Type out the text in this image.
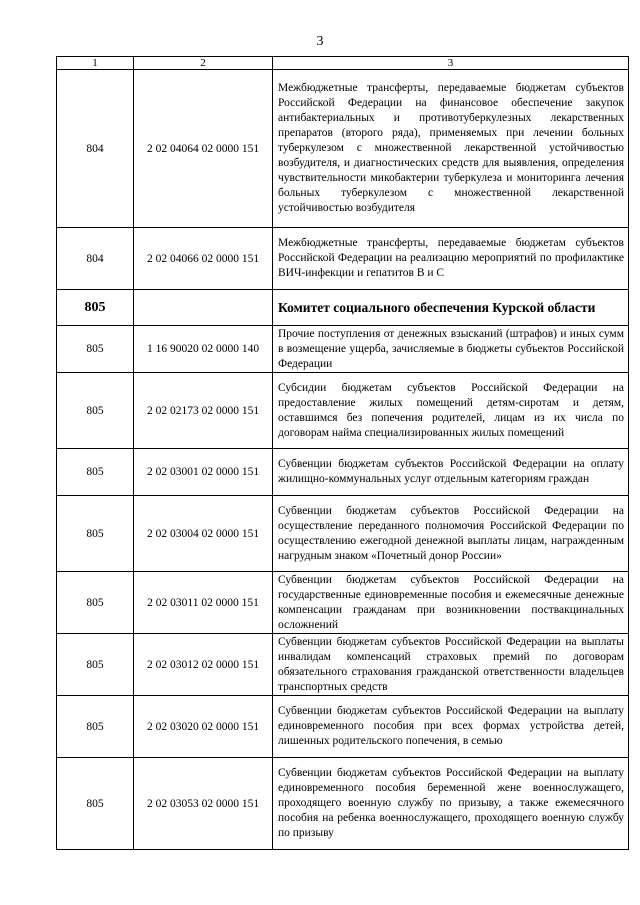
3
1	2	3
804	2 02 04064 02 0000 151	Межбюджетные трансферты, передаваемые бюджетам субъектов Российской Федерации на финансовое обеспечение закупок антибактериальных и противотуберкулезных лекарственных препаратов (второго ряда), применяемых при лечении больных туберкулезом с множественной лекарственной устойчивостью возбудителя, и диагностических средств для выявления, определения чувствительности микобактерии туберкулеза и мониторинга лечения больных туберкулезом с множественной лекарственной устойчивостью возбудителя

804	2 02 04066 02 0000 151	Межбюджетные трансферты, передаваемые бюджетам субъектов Российской Федерации на реализацию мероприятий по профилактике ВИЧ-инфекции и гепатитов В и С

805		Комитет социального обеспечения Курской области

805	1 16 90020 02 0000 140	Прочие поступления от денежных взысканий (штрафов) и иных сумм в возмещение ущерба, зачисляемые в бюджеты субъектов Российской Федерации

805	2 02 02173 02 0000 151	Субсидии бюджетам субъектов Российской Федерации на предоставление жилых помещений детям-сиротам и детям, оставшимся без попечения родителей, лицам из их числа по договорам найма специализированных жилых помещений

805	2 02 03001 02 0000 151	Субвенции бюджетам субъектов Российской Федерации на оплату жилищно-коммунальных услуг отдельным категориям граждан

805	2 02 03004 02 0000 151	Субвенции бюджетам субъектов Российской Федерации на осуществление переданного полномочия Российской Федерации по осуществлению ежегодной денежной выплаты лицам, награжденным нагрудным знаком «Почетный донор России»

805	2 02 03011 02 0000 151	Субвенции бюджетам субъектов Российской Федерации на государственные единовременные пособия и ежемесячные денежные компенсации гражданам при возникновении поствакцинальных осложнений

805	2 02 03012 02 0000 151	Субвенции бюджетам субъектов Российской Федерации на выплаты инвалидам компенсаций страховых премий по договорам обязательного страхования гражданской ответственности владельцев транспортных средств

805	2 02 03020 02 0000 151	Субвенции бюджетам субъектов Российской Федерации на выплату единовременного пособия при всех формах устройства детей, лишенных родительского попечения, в семью

805	2 02 03053 02 0000 151	Субвенции бюджетам субъектов Российской Федерации на выплату единовременного пособия беременной жене военнослужащего, проходящего военную службу по призыву, а также ежемесячного пособия на ребенка военнослужащего, проходящего военную службу по призыву
